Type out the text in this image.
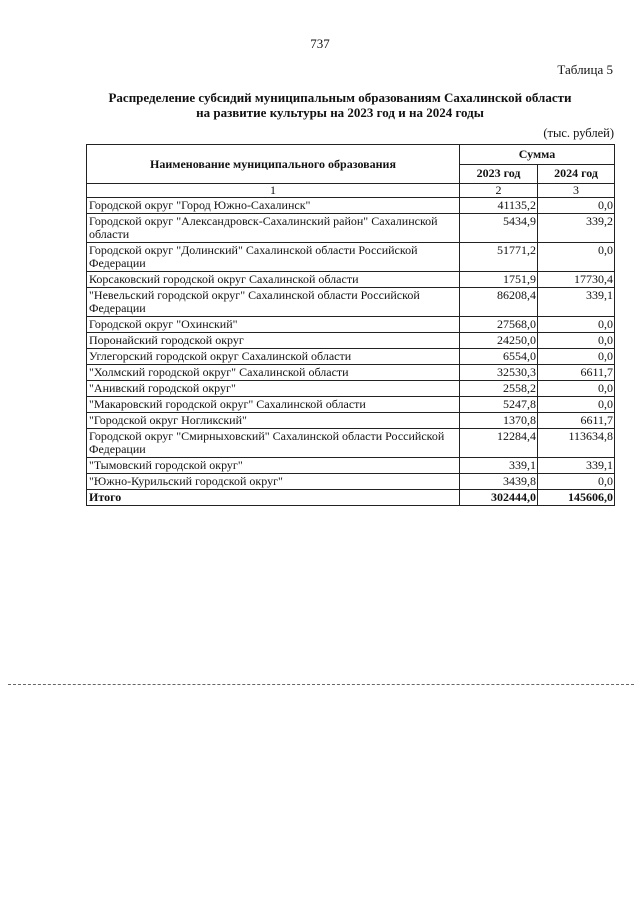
737
Таблица 5
Распределение субсидий муниципальным образованиям Сахалинской области
на развитие культуры на 2023 год и на 2024 годы
(тыс. рублей)
Наименование муниципального образования	Сумма	
	2023 год	2024 год
1	2	3
Городской округ "Город Южно-Сахалинск"	41135,2	0,0
Городской округ "Александровск-Сахалинский район" Сахалинской области	5434,9	339,2
Городской округ "Долинский" Сахалинской области Российской Федерации	51771,2	0,0
Корсаковский городской округ Сахалинской области	1751,9	17730,4
"Невельский городской округ" Сахалинской области Российской Федерации	86208,4	339,1
Городской округ "Охинский"	27568,0	0,0
Поронайский городской округ	24250,0	0,0
Углегорский городской округ Сахалинской области	6554,0	0,0
"Холмский городской округ" Сахалинской области	32530,3	6611,7
"Анивский городской округ"	2558,2	0,0
"Макаровский городской округ" Сахалинской области	5247,8	0,0
"Городской округ Ногликский"	1370,8	6611,7
Городской округ "Смирныховский" Сахалинской области Российской Федерации	12284,4	113634,8
"Тымовский городской округ"	339,1	339,1
"Южно-Курильский городской округ"	3439,8	0,0
Итого	302444,0	145606,0
